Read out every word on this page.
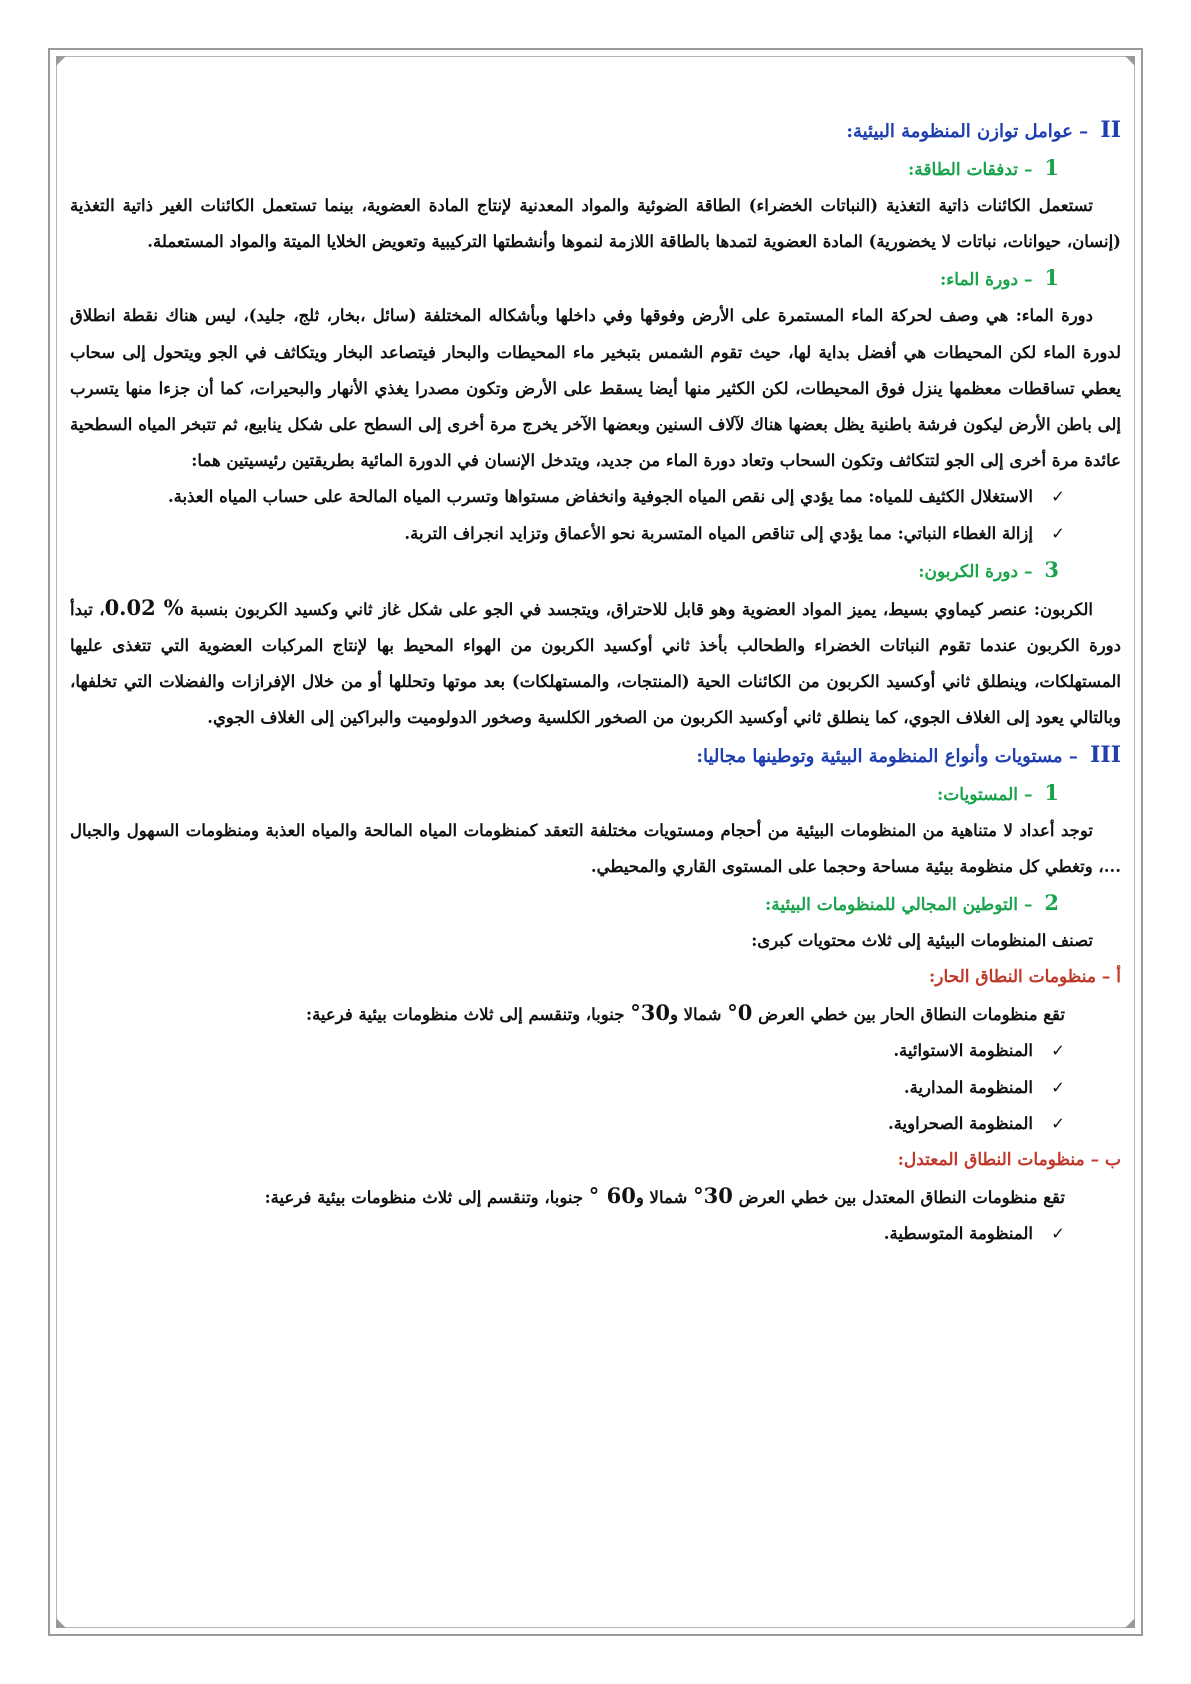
II – عوامل توازن المنظومة البيئية:
1 – تدفقات الطاقة:

تستعمل الكائنات ذاتية التغذية (النباتات الخضراء) الطاقة الضوئية والمواد المعدنية لإنتاج المادة العضوية، بينما تستعمل الكائنات الغير ذاتية التغذية (إنسان، حيوانات، نباتات لا يخضورية) المادة العضوية لتمدها بالطاقة اللازمة لنموها وأنشطتها التركيبية وتعويض الخلايا الميتة والمواد المستعملة.

1 – دورة الماء:

دورة الماء: هي وصف لحركة الماء المستمرة على الأرض وفوقها وفي داخلها وبأشكاله المختلفة (سائل ،بخار، ثلج، جليد)، ليس هناك نقطة انطلاق لدورة الماء لكن المحيطات هي أفضل بداية لها، حيث تقوم الشمس بتبخير ماء المحيطات والبحار فيتصاعد البخار ويتكاثف في الجو ويتحول إلى سحاب يعطي تساقطات معظمها ينزل فوق المحيطات، لكن الكثير منها أيضا يسقط على الأرض وتكون مصدرا يغذي الأنهار والبحيرات، كما أن جزءا منها يتسرب إلى باطن الأرض ليكون فرشة باطنية يظل بعضها هناك لآلاف السنين وبعضها الآخر يخرج مرة أخرى إلى السطح على شكل ينابيع، ثم تتبخر المياه السطحية عائدة مرة أخرى إلى الجو لتتكاثف وتكون السحاب وتعاد دورة الماء من جديد، ويتدخل الإنسان في الدورة المائية بطريقتين رئيسيتين هما:

✓الاستغلال الكثيف للمياه: مما يؤدي إلى نقص المياه الجوفية وانخفاض مستواها وتسرب المياه المالحة على حساب المياه العذبة.

✓إزالة الغطاء النباتي: مما يؤدي إلى تناقص المياه المتسربة نحو الأعماق وتزايد انجراف التربة.

3 – دورة الكربون:

الكربون: عنصر كيماوي بسيط، يميز المواد العضوية وهو قابل للاحتراق، ويتجسد في الجو على شكل غاز ثاني وكسيد الكربون بنسبة 0.02 %، تبدأ دورة الكربون عندما تقوم النباتات الخضراء والطحالب بأخذ ثاني أوكسيد الكربون من الهواء المحيط بها لإنتاج المركبات العضوية التي تتغذى عليها المستهلكات، وينطلق ثاني أوكسيد الكربون من الكائنات الحية (المنتجات، والمستهلكات) بعد موتها وتحللها أو من خلال الإفرازات والفضلات التي تخلفها، وبالتالي يعود إلى الغلاف الجوي، كما ينطلق ثاني أوكسيد الكربون من الصخور الكلسية وصخور الدولوميت والبراكين إلى الغلاف الجوي.

III – مستويات وأنواع المنظومة البيئية وتوطينها مجاليا:
1 – المستويات:

توجد أعداد لا متناهية من المنظومات البيئية من أحجام ومستويات مختلفة التعقد كمنظومات المياه المالحة والمياه العذبة ومنظومات السهول والجبال ...، وتغطي كل منظومة بيئية مساحة وحجما على المستوى القاري والمحيطي.

2 – التوطين المجالي للمنظومات البيئية:

تصنف المنظومات البيئية إلى ثلاث محتويات كبرى:

أ – منظومات النطاق الحار:

تقع منظومات النطاق الحار بين خطي العرض 0° شمالا و30° جنوبا، وتنقسم إلى ثلاث منظومات بيئية فرعية:

✓المنظومة الاستوائية.

✓المنظومة المدارية.

✓المنظومة الصحراوية.

ب – منظومات النطاق المعتدل:

تقع منظومات النطاق المعتدل بين خطي العرض 30° شمالا و60 ° جنوبا، وتنقسم إلى ثلاث منظومات بيئية فرعية:

✓المنظومة المتوسطية.
